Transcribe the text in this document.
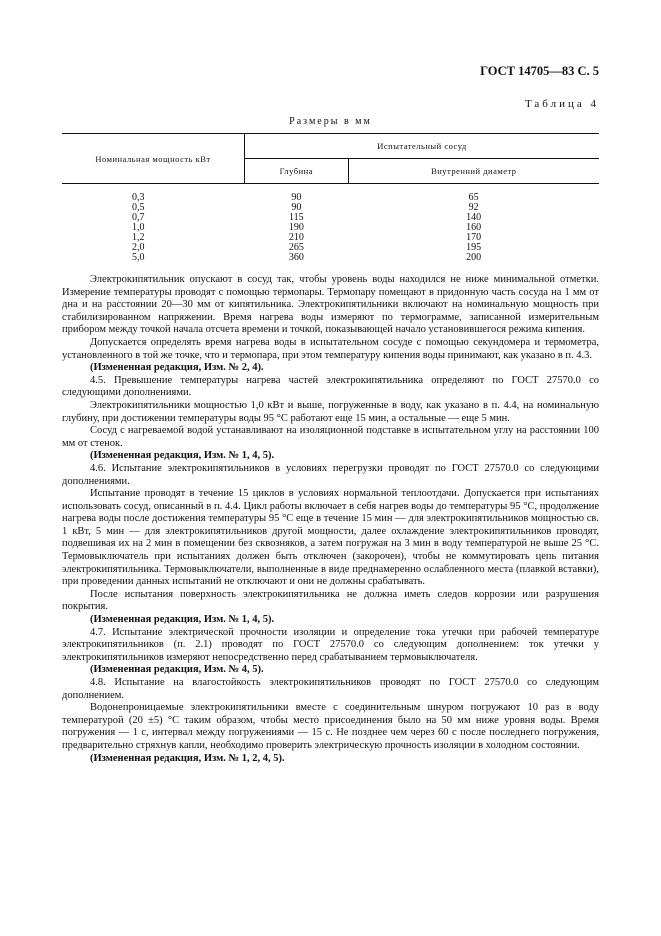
ГОСТ 14705—83 С. 5
Таблица 4
Размеры в мм
Номинальная мощность кВт	Испытательный сосуд	
	Глубина	Внутренний диаметр
0,3	90	65
0,5	90	92
0,7	115	140
1,0	190	160
1,2	210	170
2,0	265	195
5,0	360	200

Электрокипятильник опускают в сосуд так, чтобы уровень воды находился не ниже минимальной отметки. Измерение температуры проводят с помощью термопары. Термопару помещают в придонную часть сосуда на 1 мм от дна и на расстоянии 20—30 мм от кипятильника. Электрокипятильники включают на номинальную мощность при стабилизированном напряжении. Время нагрева воды измеряют по термограмме, записанной измерительным прибором между точкой начала отсчета времени и точкой, показывающей начало установившегося режима кипения.

Допускается определять время нагрева воды в испытательном сосуде с помощью секундомера и термометра, установленного в той же точке, что и термопара, при этом температуру кипения воды принимают, как указано в п. 4.3.

(Измененная редакция, Изм. № 2, 4).

4.5. Превышение температуры нагрева частей электрокипятильника определяют по ГОСТ 27570.0 со следующими дополнениями.

Электрокипятильники мощностью 1,0 кВт и выше, погруженные в воду, как указано в п. 4.4, на номинальную глубину, при достижении температуры воды 95 °С работают еще 15 мин, а остальные — еще 5 мин.

Сосуд с нагреваемой водой устанавливают на изоляционной подставке в испытательном углу на расстоянии 100 мм от стенок.

(Измененная редакция, Изм. № 1, 4, 5).

4.6. Испытание электрокипятильников в условиях перегрузки проводят по ГОСТ 27570.0 со следующими дополнениями.

Испытание проводят в течение 15 циклов в условиях нормальной теплоотдачи. Допускается при испытаниях использовать сосуд, описанный в п. 4.4. Цикл работы включает в себя нагрев воды до температуры 95 °С, продолжение нагрева воды после достижения температуры 95 °С еще в течение 15 мин — для электрокипятильников мощностью св. 1 кВт, 5 мин — для электрокипятильников другой мощности, далее охлаждение электрокипятильников проводят, подвешивая их на 2 мин в помещении без сквозняков, а затем погружая на 3 мин в воду температурой не выше 25 °С. Термовыключатель при испытаниях должен быть отключен (закорочен), чтобы не коммутировать цепь питания электрокипятильника. Термовыключатели, выполненные в виде преднамеренно ослабленного места (плавкой вставки), при проведении данных испытаний не отключают и они не должны срабатывать.

После испытания поверхность электрокипятильника не должна иметь следов коррозии или разрушения покрытия.

(Измененная редакция, Изм. № 1, 4, 5).

4.7. Испытание электрической прочности изоляции и определение тока утечки при рабочей температуре электрокипятильников (п. 2.1) проводят по ГОСТ 27570.0 со следующим дополнением: ток утечки у электрокипятильников измеряют непосредственно перед срабатыванием термовыключателя.

(Измененная редакция, Изм. № 4, 5).

4.8. Испытание на влагостойкость электрокипятильников проводят по ГОСТ 27570.0 со следующим дополнением.

Водонепроницаемые электрокипятильники вместе с соединительным шнуром погружают 10 раз в воду температурой (20 ±5) °С таким образом, чтобы место присоединения было на 50 мм ниже уровня воды. Время погружения — 1 с, интервал между погружениями — 15 с. Не позднее чем через 60 с после последнего погружения, предварительно стряхнув капли, необходимо проверить электрическую прочность изоляции в холодном состоянии.

(Измененная редакция, Изм. № 1, 2, 4, 5).
